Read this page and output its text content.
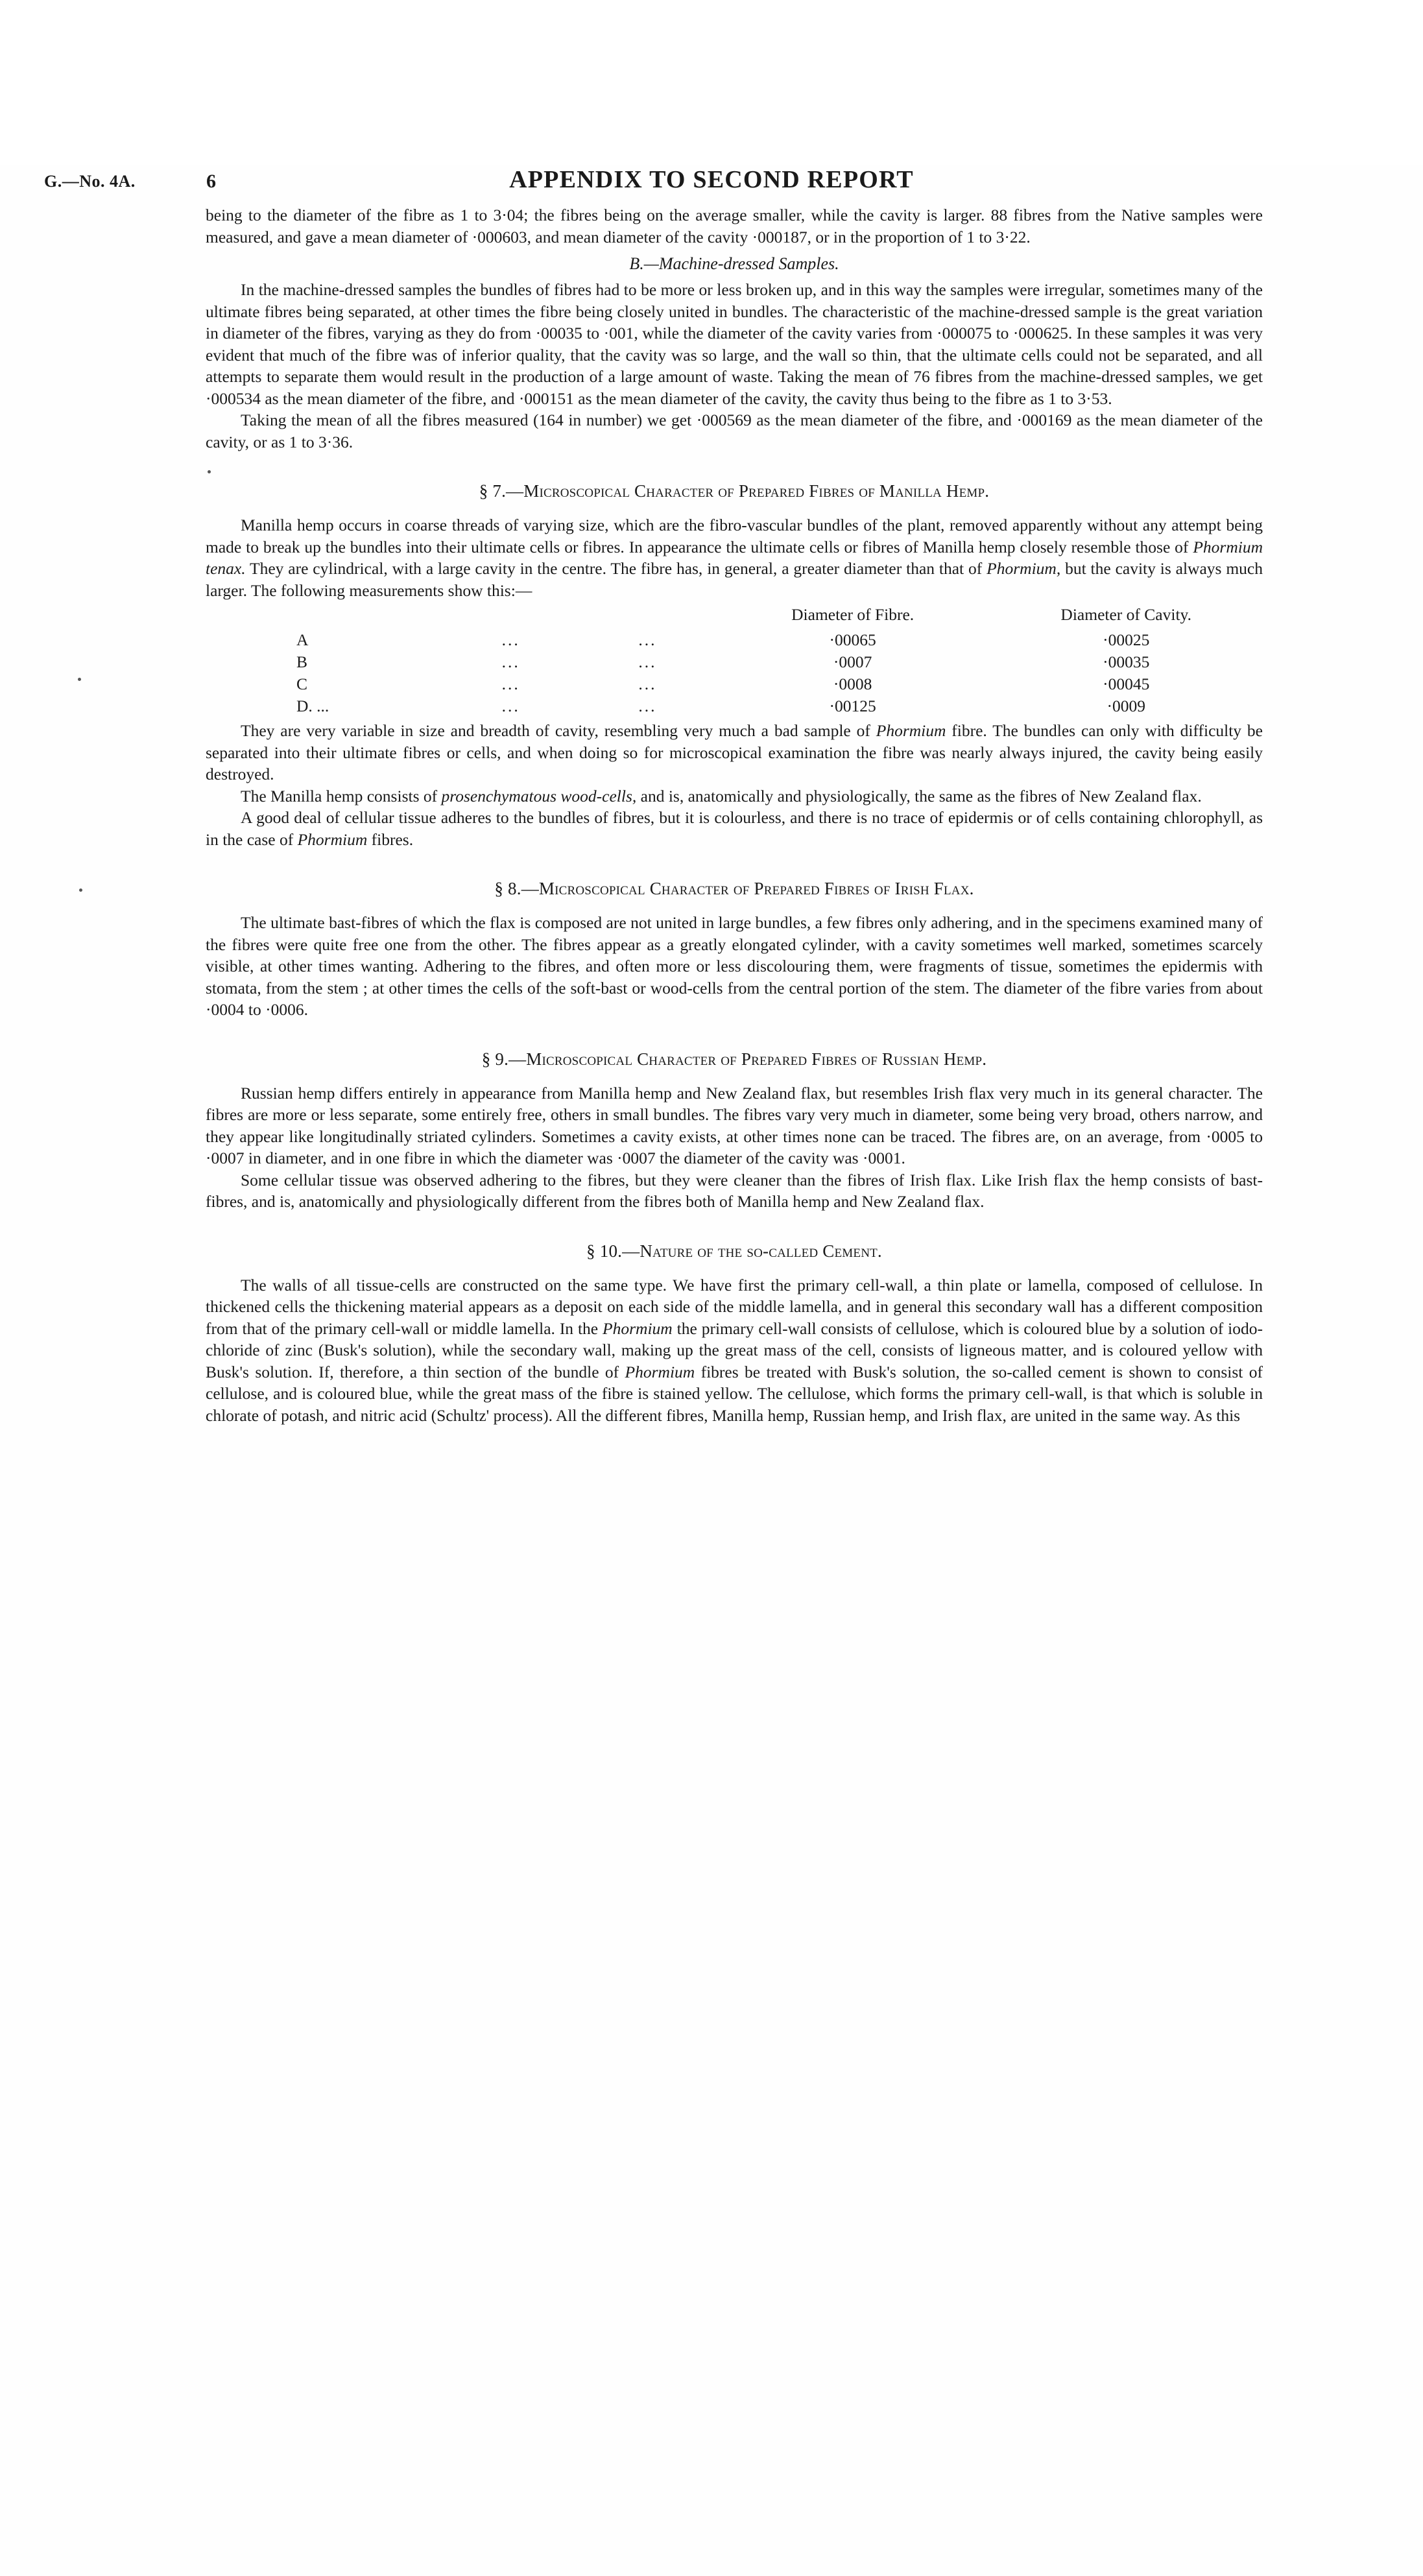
G.—No. 4A.	6	APPENDIX TO SECOND REPORT

being to the diameter of the fibre as 1 to 3·04; the fibres being on the average smaller, while the cavity is larger. 88 fibres from the Native samples were measured, and gave a mean diameter of ·000603, and mean diameter of the cavity ·000187, or in the proportion of 1 to 3·22.

B.—Machine-dressed Samples.

In the machine-dressed samples the bundles of fibres had to be more or less broken up, and in this way the samples were irregular, sometimes many of the ultimate fibres being separated, at other times the fibre being closely united in bundles. The characteristic of the machine-dressed sample is the great variation in diameter of the fibres, varying as they do from ·00035 to ·001, while the diameter of the cavity varies from ·000075 to ·000625. In these samples it was very evident that much of the fibre was of inferior quality, that the cavity was so large, and the wall so thin, that the ultimate cells could not be separated, and all attempts to separate them would result in the production of a large amount of waste. Taking the mean of 76 fibres from the machine-dressed samples, we get ·000534 as the mean diameter of the fibre, and ·000151 as the mean diameter of the cavity, the cavity thus being to the fibre as 1 to 3·53.

Taking the mean of all the fibres measured (164 in number) we get ·000569 as the mean diameter of the fibre, and ·000169 as the mean diameter of the cavity, or as 1 to 3·36.

§ 7.—Microscopical Character of Prepared Fibres of Manilla Hemp.

Manilla hemp occurs in coarse threads of varying size, which are the fibro-vascular bundles of the plant, removed apparently without any attempt being made to break up the bundles into their ultimate cells or fibres. In appearance the ultimate cells or fibres of Manilla hemp closely resemble those of Phormium tenax. They are cylindrical, with a large cavity in the centre. The fibre has, in general, a greater diameter than that of Phormium, but the cavity is always much larger. The following measurements show this:—

			Diameter of Fibre.	Diameter of Cavity.
A	...	...	·00065	·00025
B	...	...	·0007	·00035
C	...	...	·0008	·00045
D. ...	...	...	·00125	·0009

They are very variable in size and breadth of cavity, resembling very much a bad sample of Phormium fibre. The bundles can only with difficulty be separated into their ultimate fibres or cells, and when doing so for microscopical examination the fibre was nearly always injured, the cavity being easily destroyed.

The Manilla hemp consists of prosenchymatous wood-cells, and is, anatomically and physiologically, the same as the fibres of New Zealand flax.

A good deal of cellular tissue adheres to the bundles of fibres, but it is colourless, and there is no trace of epidermis or of cells containing chlorophyll, as in the case of Phormium fibres.

§ 8.—Microscopical Character of Prepared Fibres of Irish Flax.

The ultimate bast-fibres of which the flax is composed are not united in large bundles, a few fibres only adhering, and in the specimens examined many of the fibres were quite free one from the other. The fibres appear as a greatly elongated cylinder, with a cavity sometimes well marked, sometimes scarcely visible, at other times wanting. Adhering to the fibres, and often more or less discolouring them, were fragments of tissue, sometimes the epidermis with stomata, from the stem ; at other times the cells of the soft-bast or wood-cells from the central portion of the stem. The diameter of the fibre varies from about ·0004 to ·0006.

§ 9.—Microscopical Character of Prepared Fibres of Russian Hemp.

Russian hemp differs entirely in appearance from Manilla hemp and New Zealand flax, but resembles Irish flax very much in its general character. The fibres are more or less separate, some entirely free, others in small bundles. The fibres vary very much in diameter, some being very broad, others narrow, and they appear like longitudinally striated cylinders. Sometimes a cavity exists, at other times none can be traced. The fibres are, on an average, from ·0005 to ·0007 in diameter, and in one fibre in which the diameter was ·0007 the diameter of the cavity was ·0001.

Some cellular tissue was observed adhering to the fibres, but they were cleaner than the fibres of Irish flax. Like Irish flax the hemp consists of bast-fibres, and is, anatomically and physiologically different from the fibres both of Manilla hemp and New Zealand flax.

§ 10.—Nature of the so-called Cement.

The walls of all tissue-cells are constructed on the same type. We have first the primary cell-wall, a thin plate or lamella, composed of cellulose. In thickened cells the thickening material appears as a deposit on each side of the middle lamella, and in general this secondary wall has a different composition from that of the primary cell-wall or middle lamella. In the Phormium the primary cell-wall consists of cellulose, which is coloured blue by a solution of iodo-chloride of zinc (Busk's solution), while the secondary wall, making up the great mass of the cell, consists of ligneous matter, and is coloured yellow with Busk's solution. If, therefore, a thin section of the bundle of Phormium fibres be treated with Busk's solution, the so-called cement is shown to consist of cellulose, and is coloured blue, while the great mass of the fibre is stained yellow. The cellulose, which forms the primary cell-wall, is that which is soluble in chlorate of potash, and nitric acid (Schultz' process). All the different fibres, Manilla hemp, Russian hemp, and Irish flax, are united in the same way. As this
